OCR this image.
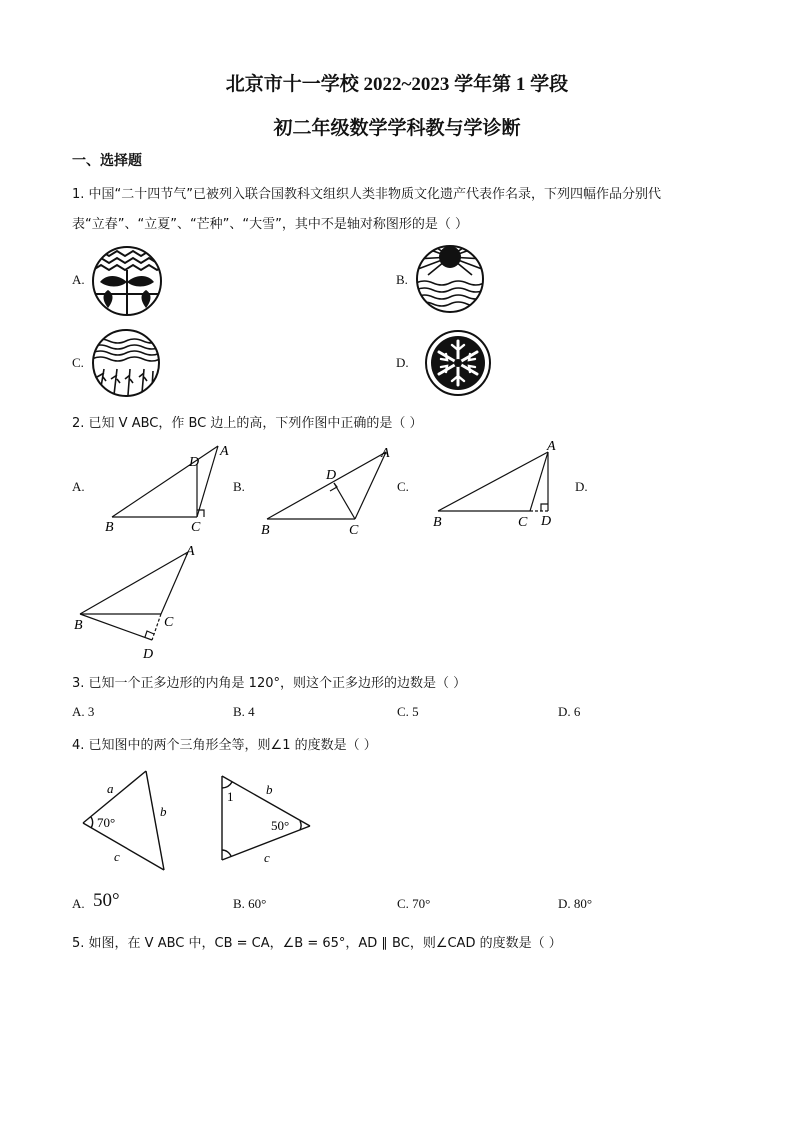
北京市十一学校 2022~2023 学年第 1 学段
初二年级数学学科教与学诊断
一、选择题
1. 中国“二十四节气”已被列入联合国教科文组织人类非物质文化遗产代表作名录，下列四幅作品分别代
表“立春”、“立夏”、“芒种”、“大雪”，其中不是轴对称图形的是（ ）
A.	B.
C.	D.
2. 已知 V ABC，作 BC 边上的高，下列作图中正确的是（ ）
A.
A
B	C
D
B.
A
B	C
D
C.
A
B	C D
D.
A
B	C
D
3. 已知一个正多边形的内角是 120°，则这个正多边形的边数是（ ）
A. 3	B. 4	C. 5	D. 6
4. 已知图中的两个三角形全等，则∠1 的度数是（ ）
a
b
c
70°
1	b
50°
c
A. 50°	B. 60°	C. 70°	D. 80°
5. 如图，在 V ABC 中，CB = CA，∠B = 65°，AD ∥ BC，则∠CAD 的度数是（ ）
